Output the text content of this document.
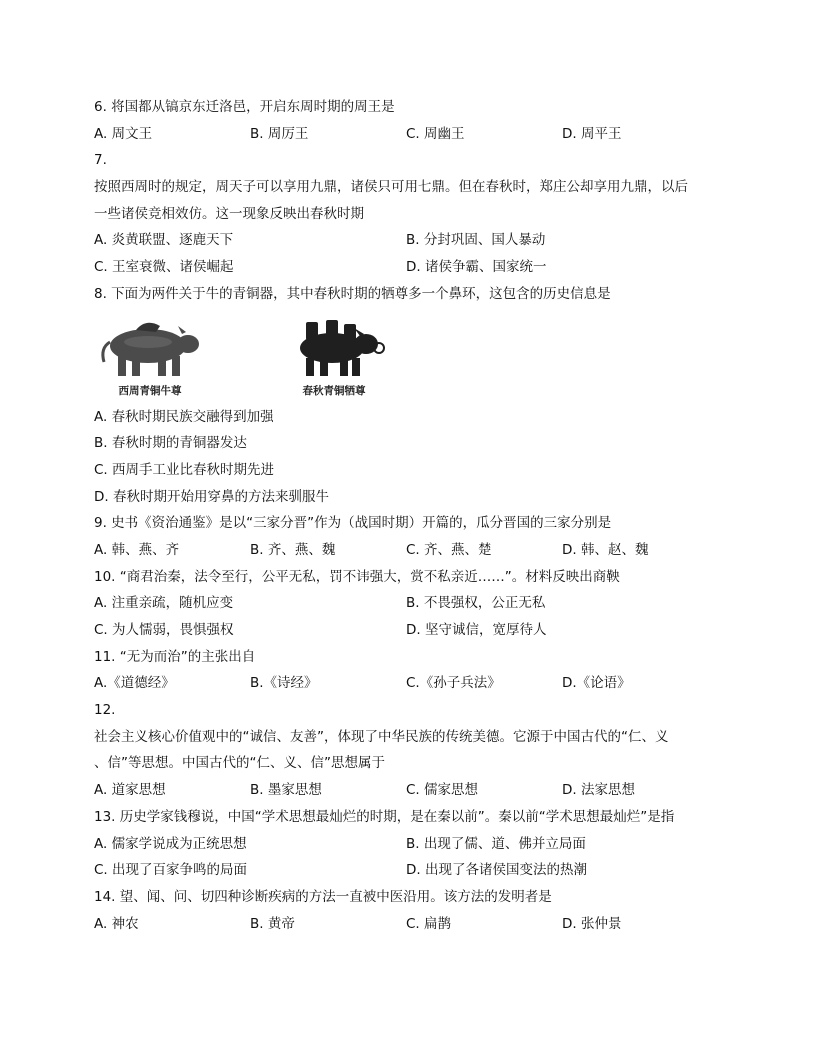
6. 将国都从镐京东迁洛邑，开启东周时期的周王是
A. 周文王	B. 周厉王	C. 周幽王	D. 周平王
7.
按照西周时的规定，周天子可以享用九鼎，诸侯只可用七鼎。但在春秋时，郑庄公却享用九鼎，以后
一些诸侯竞相效仿。这一现象反映出春秋时期
A. 炎黄联盟、逐鹿天下	B. 分封巩固、国人暴动
C. 王室衰微、诸侯崛起	D. 诸侯争霸、国家统一
8. 下面为两件关于牛的青铜器，其中春秋时期的牺尊多一个鼻环，这包含的历史信息是
西周青铜牛尊	春秋青铜牺尊
A. 春秋时期民族交融得到加强
B. 春秋时期的青铜器发达
C. 西周手工业比春秋时期先进
D. 春秋时期开始用穿鼻的方法来驯服牛
9. 史书《资治通鉴》是以“三家分晋”作为（战国时期）开篇的，瓜分晋国的三家分别是
A. 韩、燕、齐	B. 齐、燕、魏	C. 齐、燕、楚	D. 韩、赵、魏
10. “商君治秦，法令至行，公平无私，罚不讳强大，赏不私亲近……”。材料反映出商鞅
A. 注重亲疏，随机应变	B. 不畏强权，公正无私
C. 为人懦弱，畏惧强权	D. 坚守诚信，宽厚待人
11. “无为而治”的主张出自
A.《道德经》	B.《诗经》	C.《孙子兵法》	D.《论语》
12.
社会主义核心价值观中的“诚信、友善”，体现了中华民族的传统美德。它源于中国古代的“仁、义
、信”等思想。中国古代的“仁、义、信”思想属于
A. 道家思想	B. 墨家思想	C. 儒家思想	D. 法家思想
13. 历史学家钱穆说，中国“学术思想最灿烂的时期，是在秦以前”。秦以前“学术思想最灿烂”是指
A. 儒家学说成为正统思想	B. 出现了儒、道、佛并立局面
C. 出现了百家争鸣的局面	D. 出现了各诸侯国变法的热潮
14. 望、闻、问、切四种诊断疾病的方法一直被中医沿用。该方法的发明者是
A. 神农	B. 黄帝	C. 扁鹊	D. 张仲景
